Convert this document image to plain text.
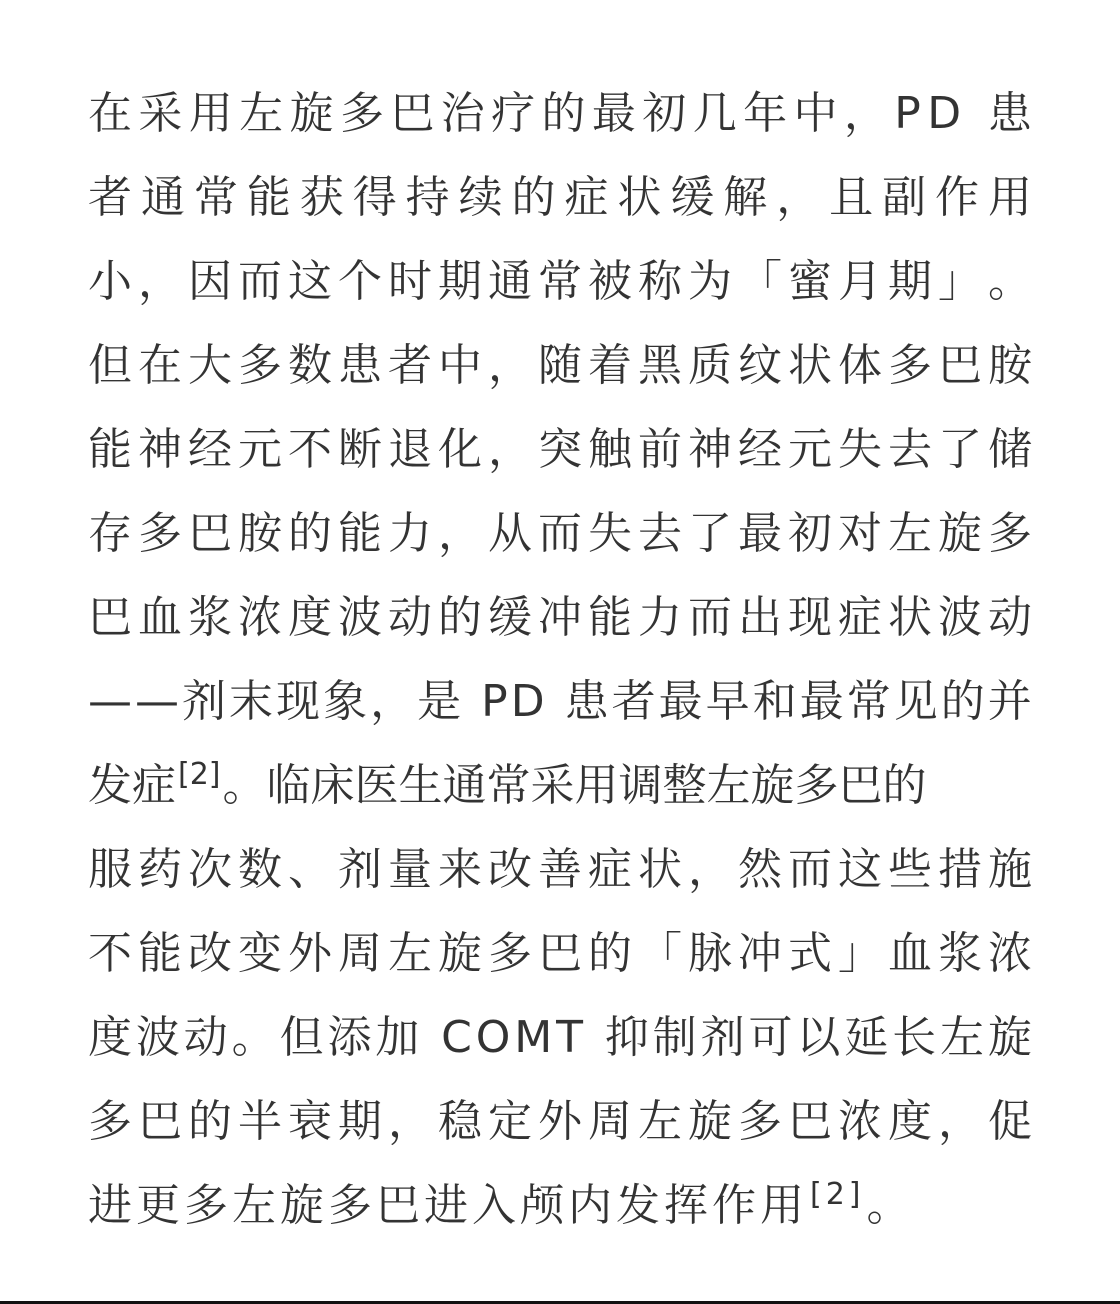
在 采 用 左 旋 多 巴 治 疗 的 最 初 几 年 中 ， P D
患
者 通 常 能 获 得 持 续 的 症 状 缓 解 ， 且 副 作 用
小 ， 因 而 这 个 时 期 通 常 被 称 为 「 蜜 月 期 」 。
但 在 大 多 数 患 者 中 ， 随 着 黑 质 纹 状 体 多 巴 胺
能 神 经 元 不 断 退 化 ， 突 触 前 神 经 元 失 去 了 储
存 多 巴 胺 的 能 力 ， 从 而 失 去 了 最 初 对 左 旋 多
巴 血 浆 浓 度 波 动 的 缓 冲 能 力 而 出 现 症 状 波 动
— — 剂 末 现 象 ， 是
P D
患 者 最 早 和 最 常 见 的 并
发症[2]。临床医生通常采用调整左旋多巴的
服 药 次 数 、 剂 量 来 改 善 症 状 ， 然 而 这 些 措 施
不 能 改 变 外 周 左 旋 多 巴 的 「 脉 冲 式 」 血 浆 浓
度 波 动 。 但 添 加
C O M T
抑 制 剂 可 以 延 长 左 旋
多 巴 的 半 衰 期 ， 稳 定 外 周 左 旋 多 巴 浓 度 ， 促
进更多左旋多巴进入颅内发挥作用[2]。
